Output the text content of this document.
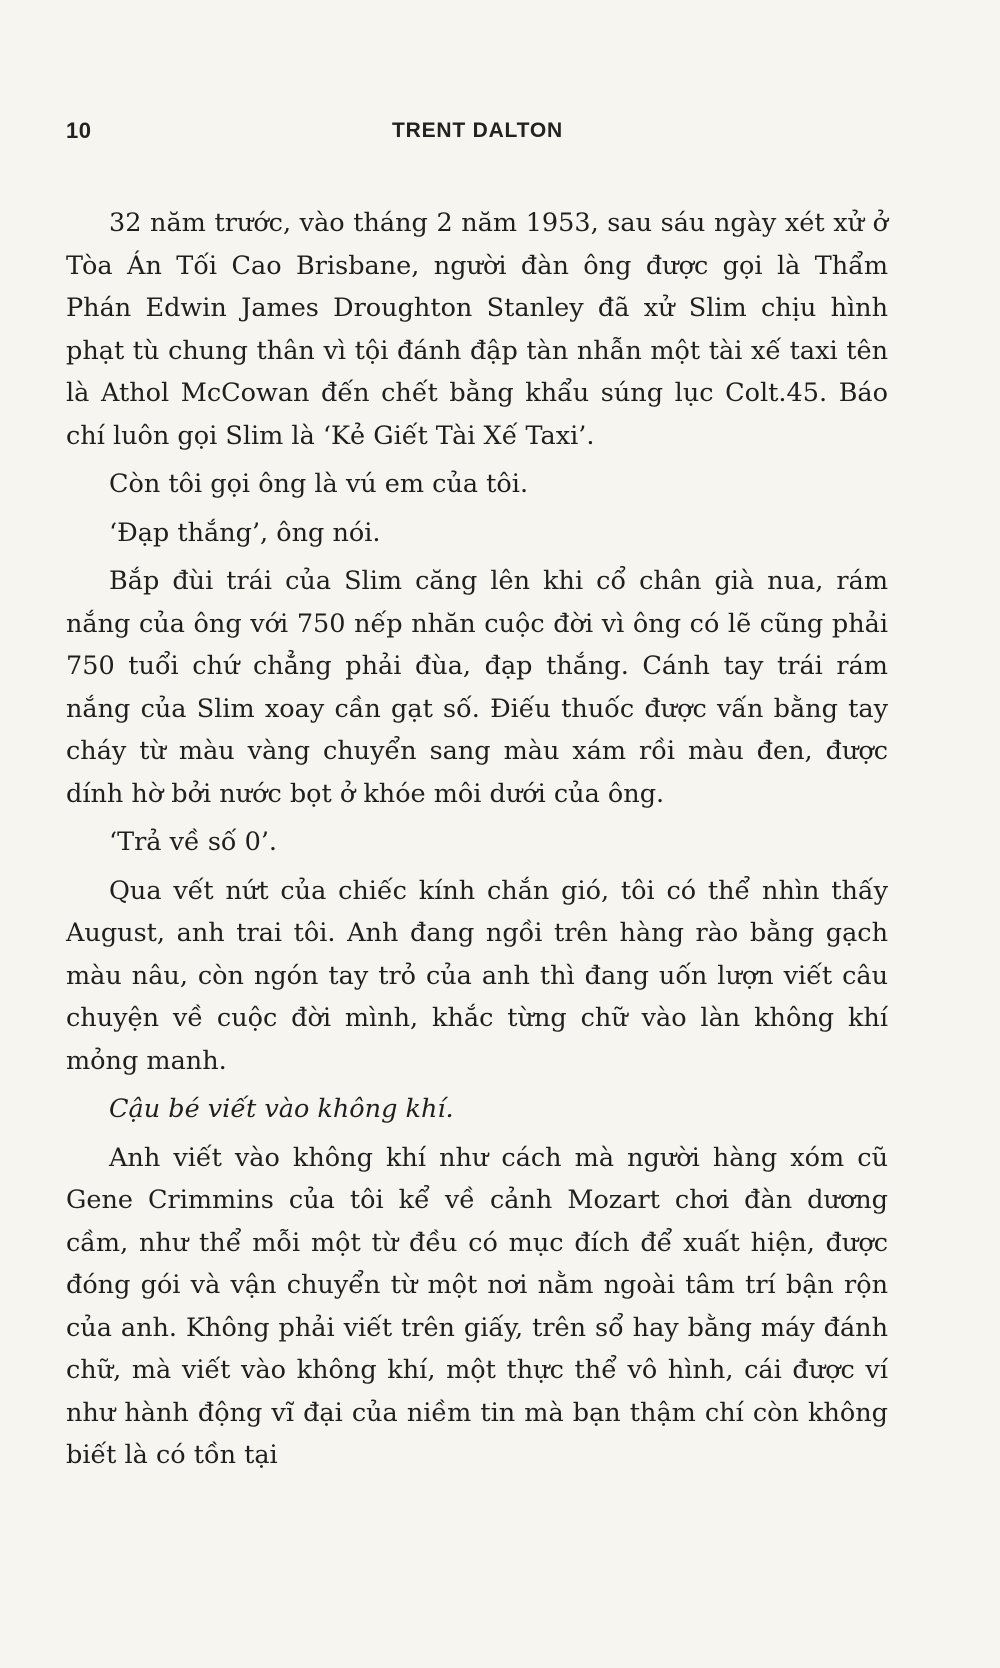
10	TRENT DALTON

32 năm trước, vào tháng 2 năm 1953, sau sáu ngày xét xử ở Tòa Án Tối Cao Brisbane, người đàn ông được gọi là Thẩm Phán Edwin James Droughton Stanley đã xử Slim chịu hình phạt tù chung thân vì tội đánh đập tàn nhẫn một tài xế taxi tên là Athol McCowan đến chết bằng khẩu súng lục Colt.45. Báo chí luôn gọi Slim là ‘Kẻ Giết Tài Xế Taxi’.

Còn tôi gọi ông là vú em của tôi.

‘Đạp thắng’, ông nói.

Bắp đùi trái của Slim căng lên khi cổ chân già nua, rám nắng của ông với 750 nếp nhăn cuộc đời vì ông có lẽ cũng phải 750 tuổi chứ chẳng phải đùa, đạp thắng. Cánh tay trái rám nắng của Slim xoay cần gạt số. Điếu thuốc được vấn bằng tay cháy từ màu vàng chuyển sang màu xám rồi màu đen, được dính hờ bởi nước bọt ở khóe môi dưới của ông.

‘Trả về số 0’.

Qua vết nứt của chiếc kính chắn gió, tôi có thể nhìn thấy August, anh trai tôi. Anh đang ngồi trên hàng rào bằng gạch màu nâu, còn ngón tay trỏ của anh thì đang uốn lượn viết câu chuyện về cuộc đời mình, khắc từng chữ vào làn không khí mỏng manh.

Cậu bé viết vào không khí.

Anh viết vào không khí như cách mà người hàng xóm cũ Gene Crimmins của tôi kể về cảnh Mozart chơi đàn dương cầm, như thể mỗi một từ đều có mục đích để xuất hiện, được đóng gói và vận chuyển từ một nơi nằm ngoài tâm trí bận rộn của anh. Không phải viết trên giấy, trên sổ hay bằng máy đánh chữ, mà viết vào không khí, một thực thể vô hình, cái được ví như hành động vĩ đại của niềm tin mà bạn thậm chí còn không biết là có tồn tại
